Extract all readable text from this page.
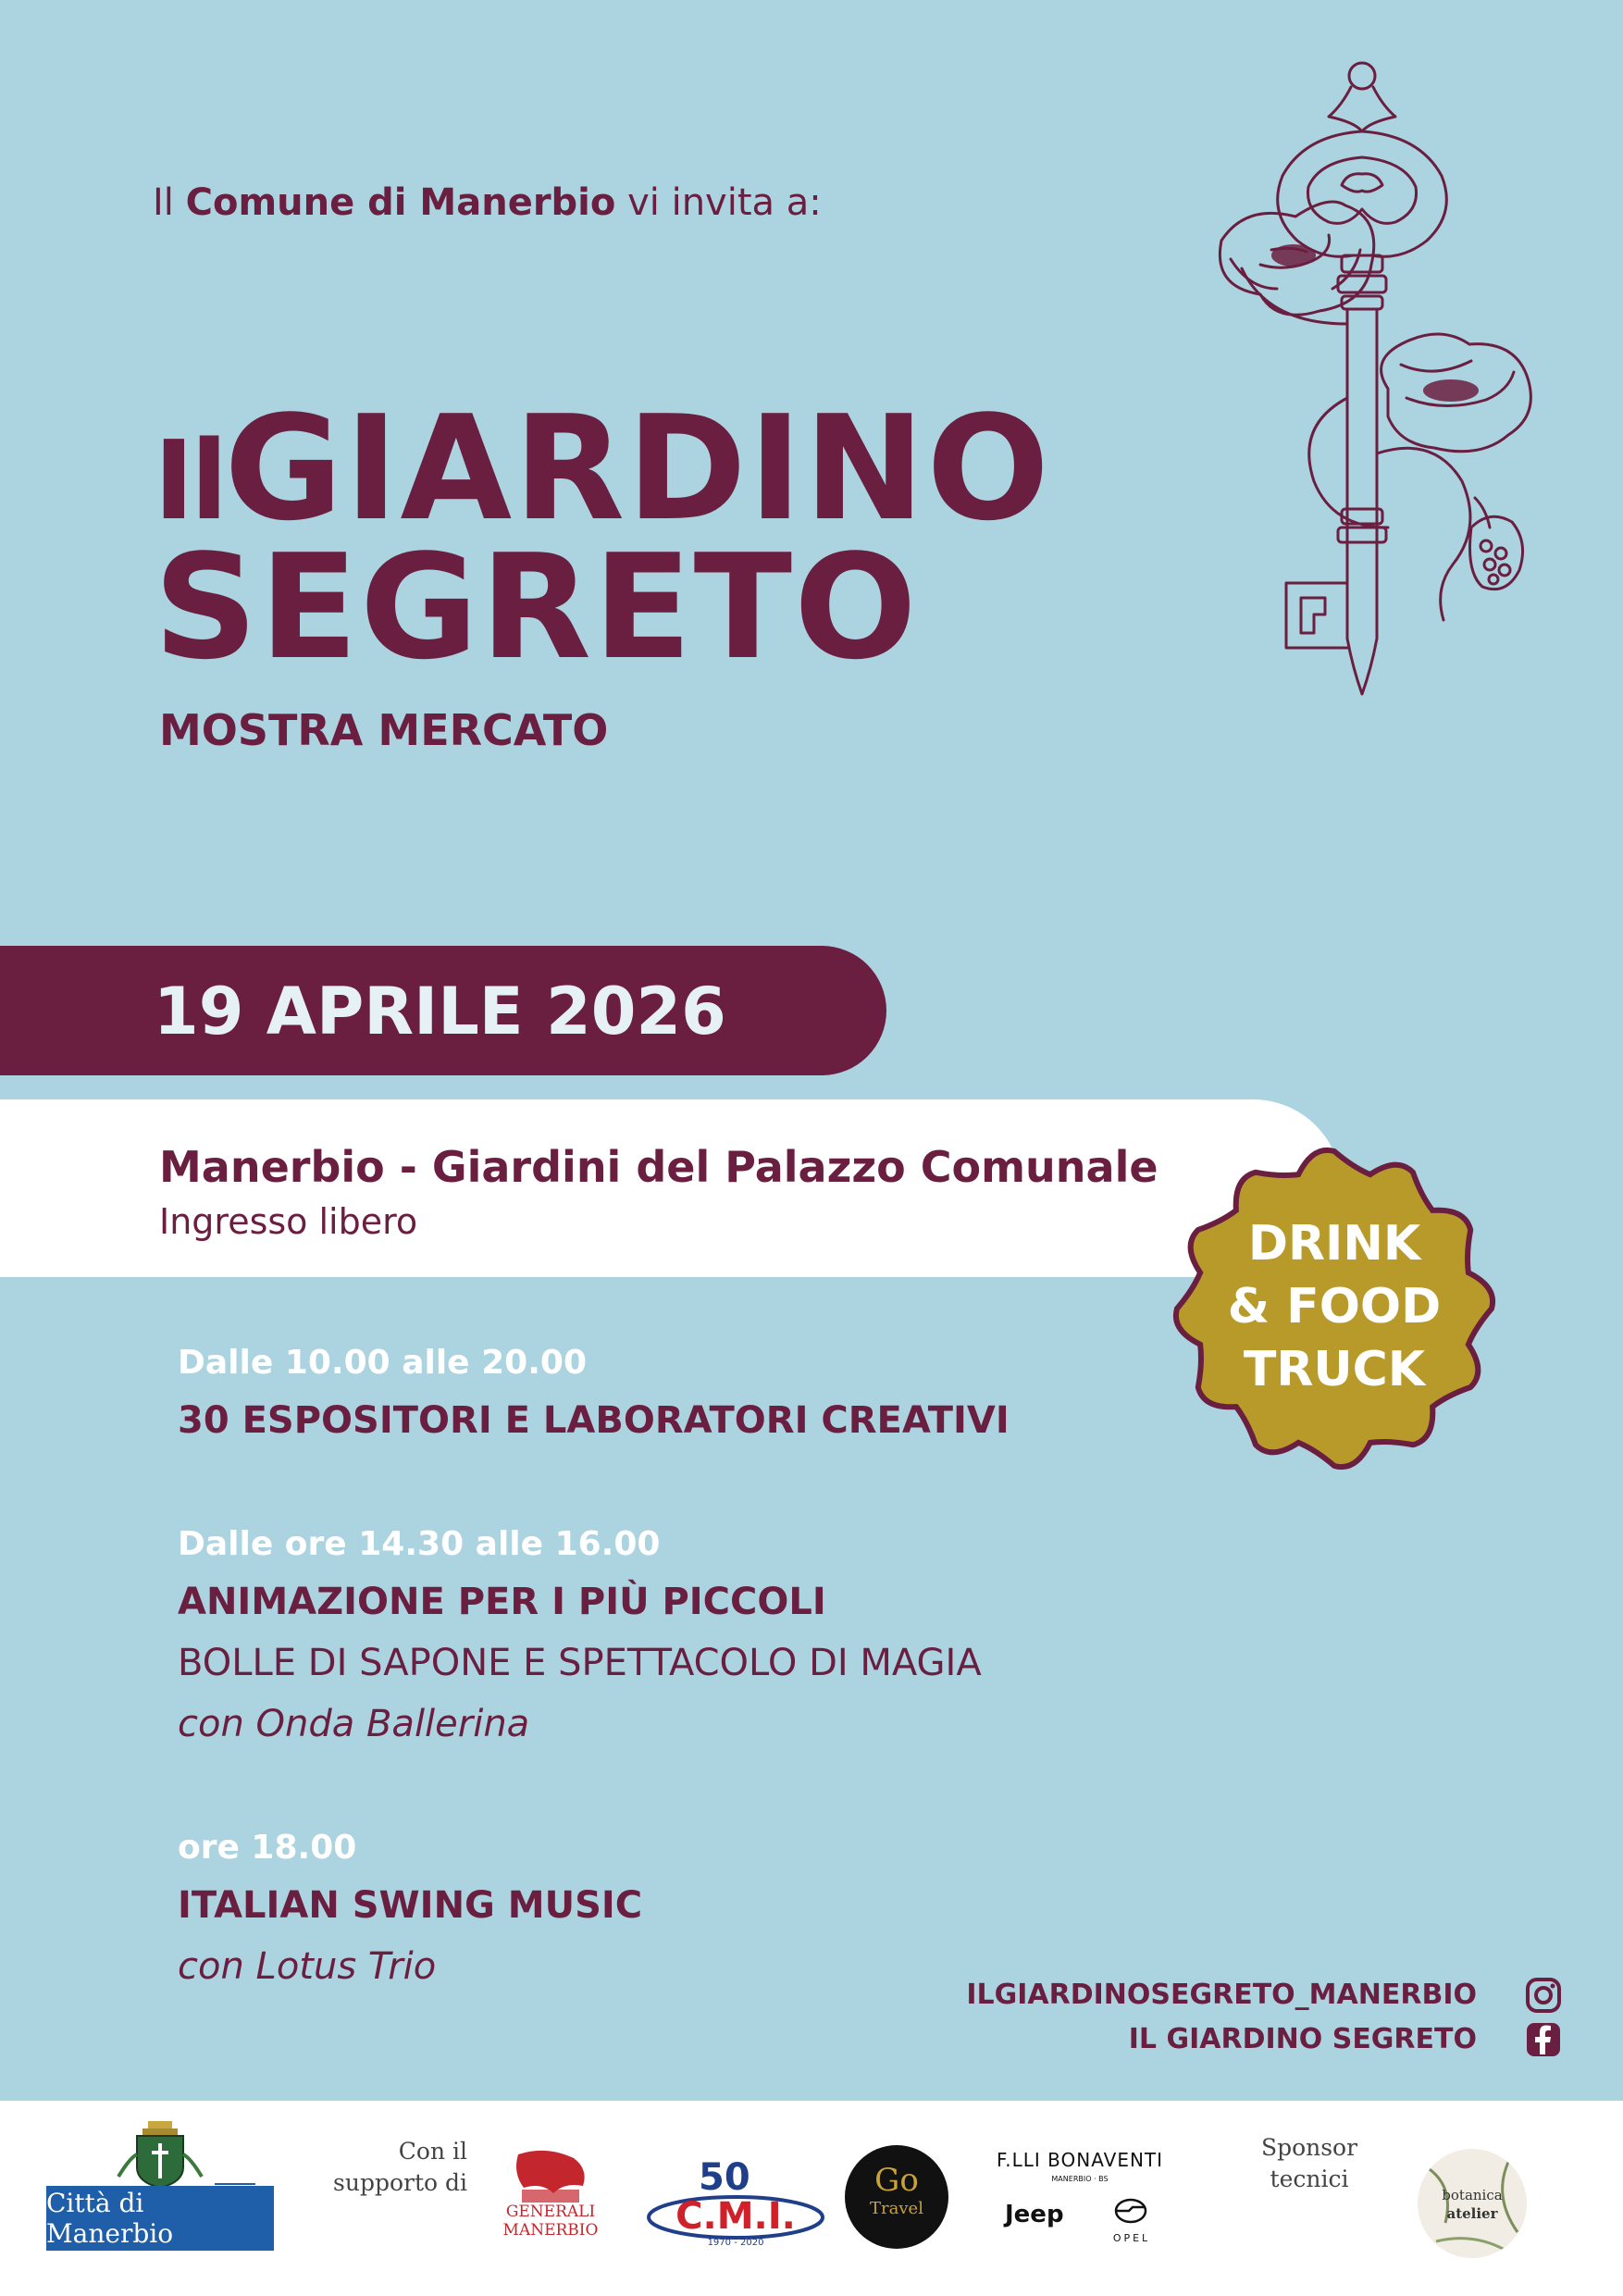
Il Comune di Manerbio vi invita a:
IlGIARDINO
SEGRETO
MOSTRA MERCATO
19 APRILE 2026
Manerbio - Giardini del Palazzo Comunale
Ingresso libero	DRINK
& FOOD
TRUCK
Dalle 10.00 alle 20.00
30 ESPOSITORI E LABORATORI CREATIVI
Dalle ore 14.30 alle 16.00
ANIMAZIONE PER I PIÙ PICCOLI
BOLLE DI SAPONE E SPETTACOLO DI MAGIA
con Onda Ballerina
ore 18.00
ITALIAN SWING MUSIC
con Lotus Trio
ILGIARDINOSEGRETO_MANERBIO
IL GIARDINO SEGRETO
Città di Manerbio
Con il supporto di
GENERALI
MANERBIO
50
C.M.I.
1970 - 2020
Go
Travel
F.LLI BONAVENTI
MANERBIO · BS
Jeep
OPEL
Sponsor tecnici
botanica
atelier
